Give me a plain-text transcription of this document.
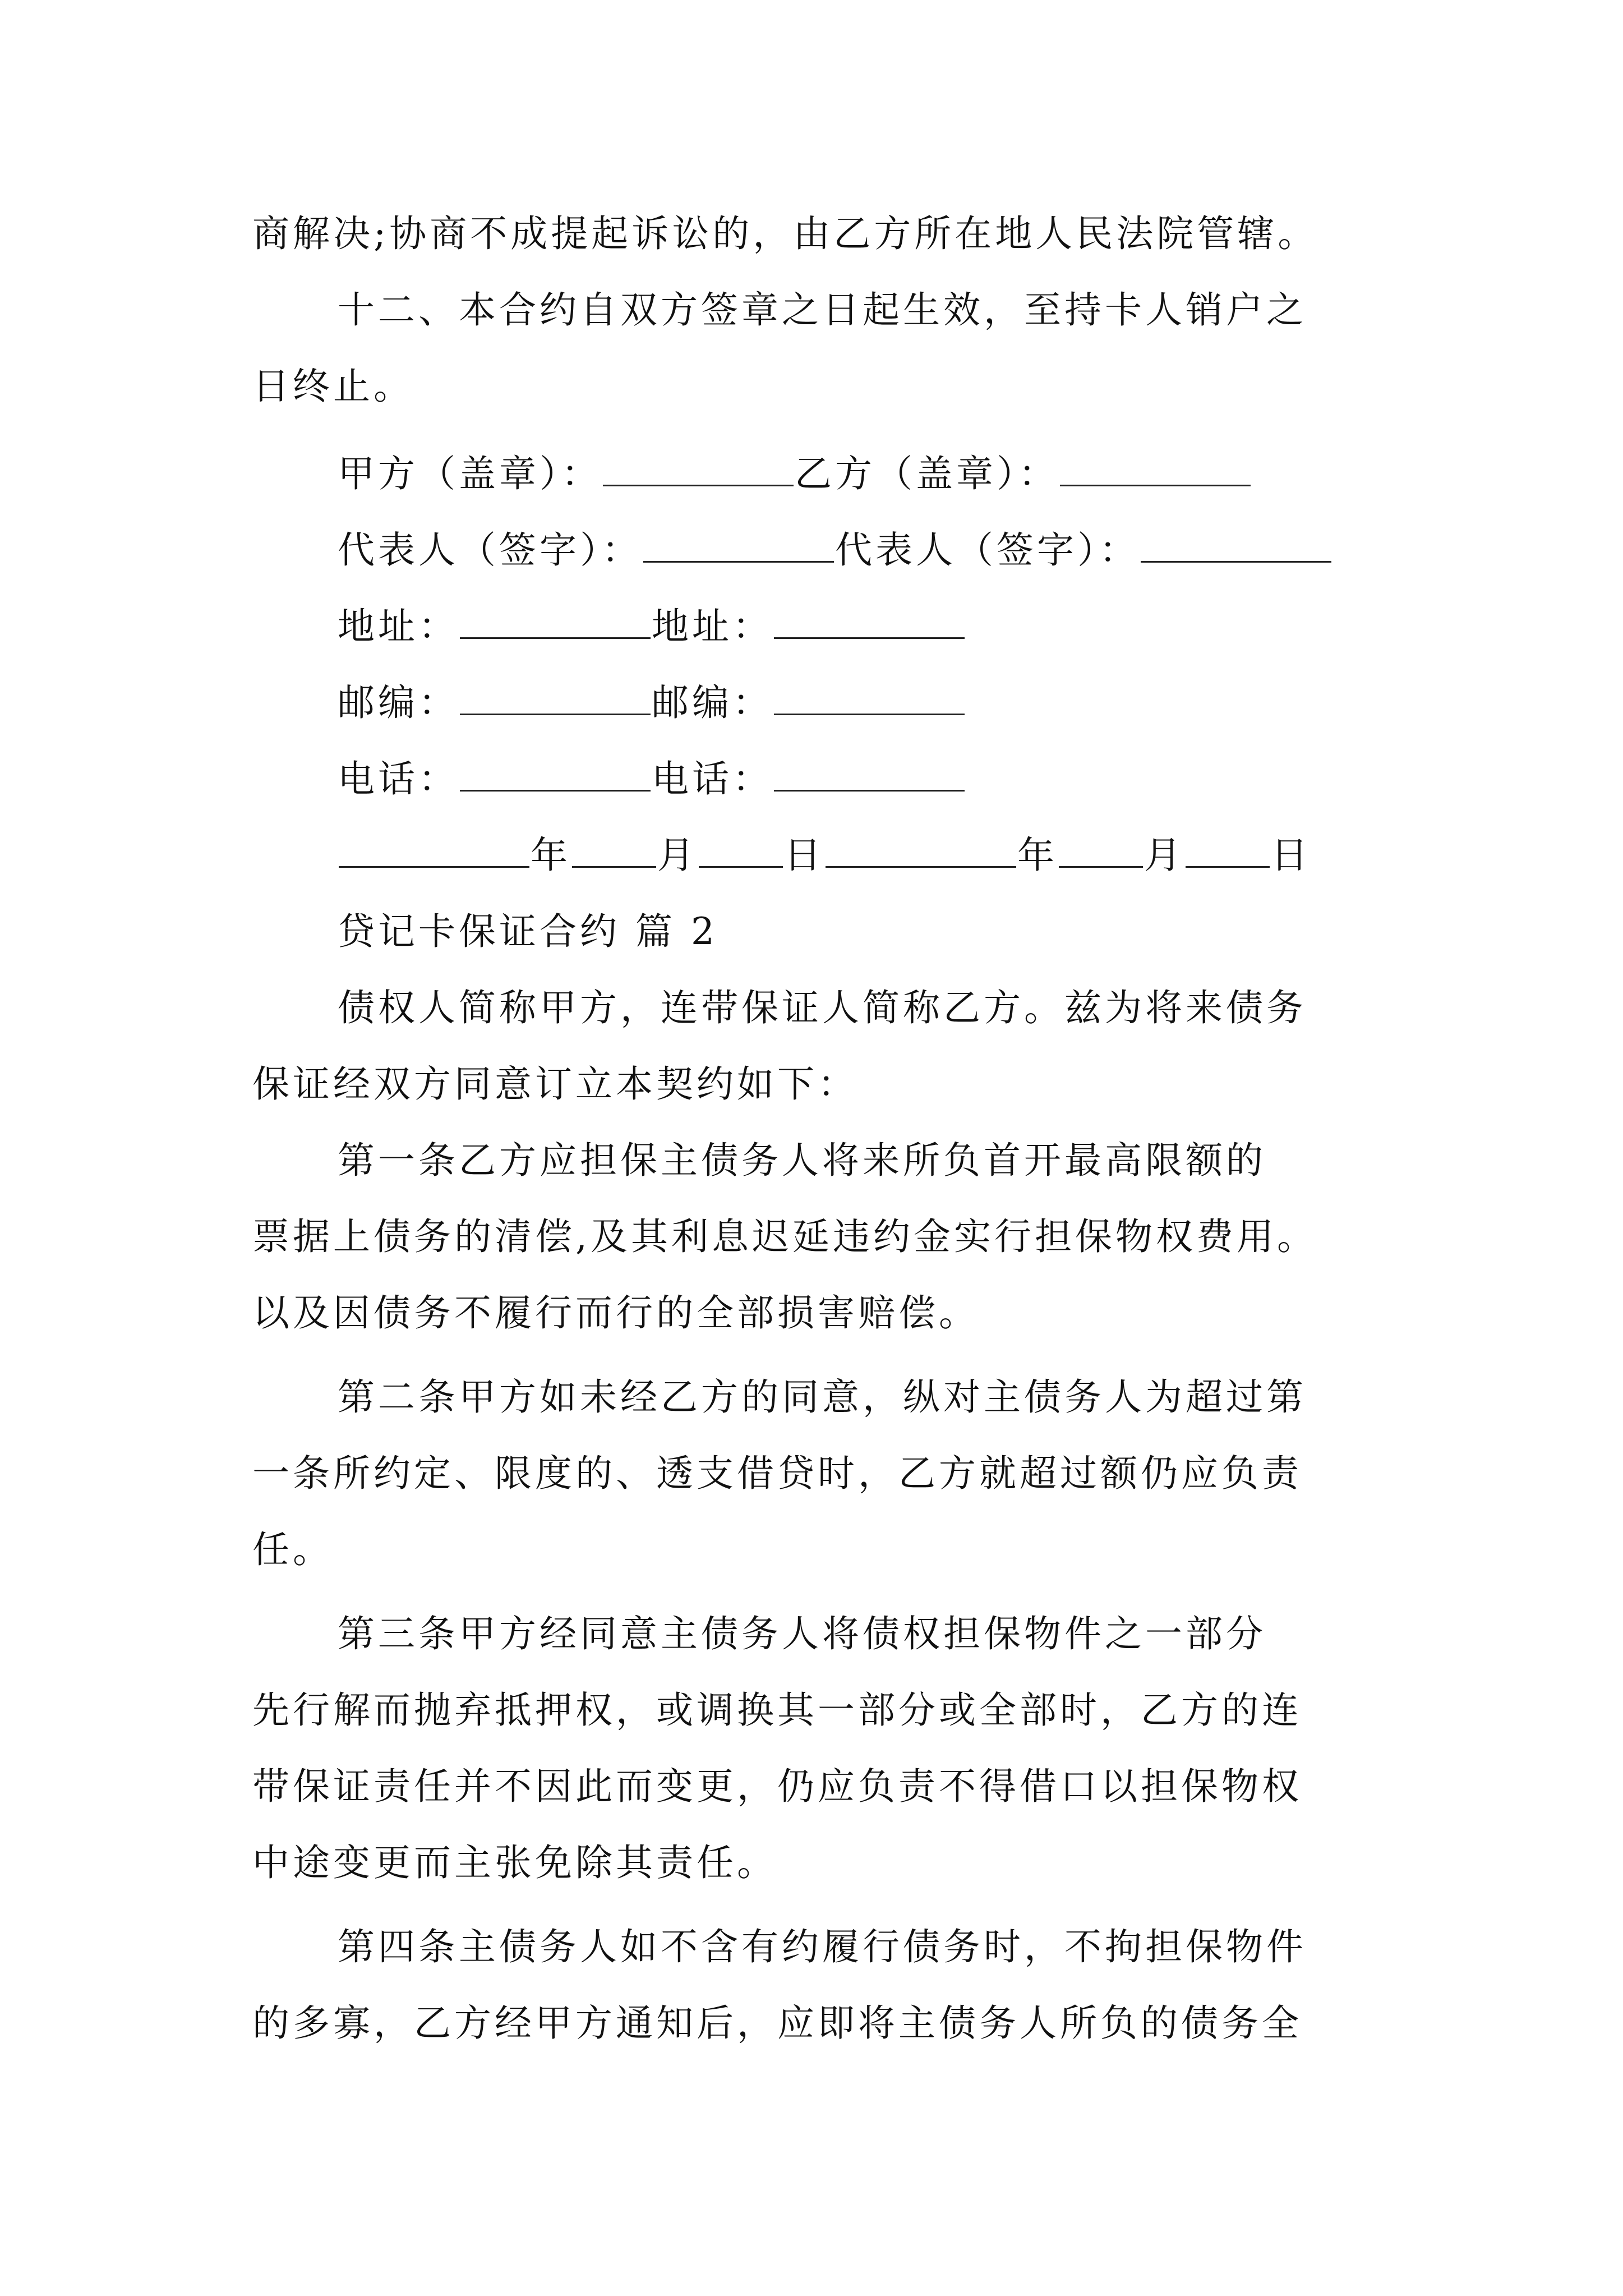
商解决;协商不成提起诉讼的，由乙方所在地人民法院管辖。
十二、本合约自双方签章之日起生效，至持卡人销户之
日终止。
甲方（盖章）：	乙方（盖章）：
代表人（签字）：	代表人（签字）：
地址：	地址：
邮编：	邮编：
电话：	电话：
年 月 日	年 月 日
贷记卡保证合约 篇 2
债权人简称甲方，连带保证人简称乙方。兹为将来债务
保证经双方同意订立本契约如下：
第一条乙方应担保主债务人将来所负首开最高限额的
票据上债务的清偿,及其利息迟延违约金实行担保物权费用。
以及因债务不履行而行的全部损害赔偿。
第二条甲方如未经乙方的同意，纵对主债务人为超过第
一条所约定、限度的、透支借贷时，乙方就超过额仍应负责
任。
第三条甲方经同意主债务人将债权担保物件之一部分
先行解而抛弃抵押权，或调换其一部分或全部时，乙方的连
带保证责任并不因此而变更，仍应负责不得借口以担保物权
中途变更而主张免除其责任。
第四条主债务人如不含有约履行债务时，不拘担保物件
的多寡，乙方经甲方通知后，应即将主债务人所负的债务全
